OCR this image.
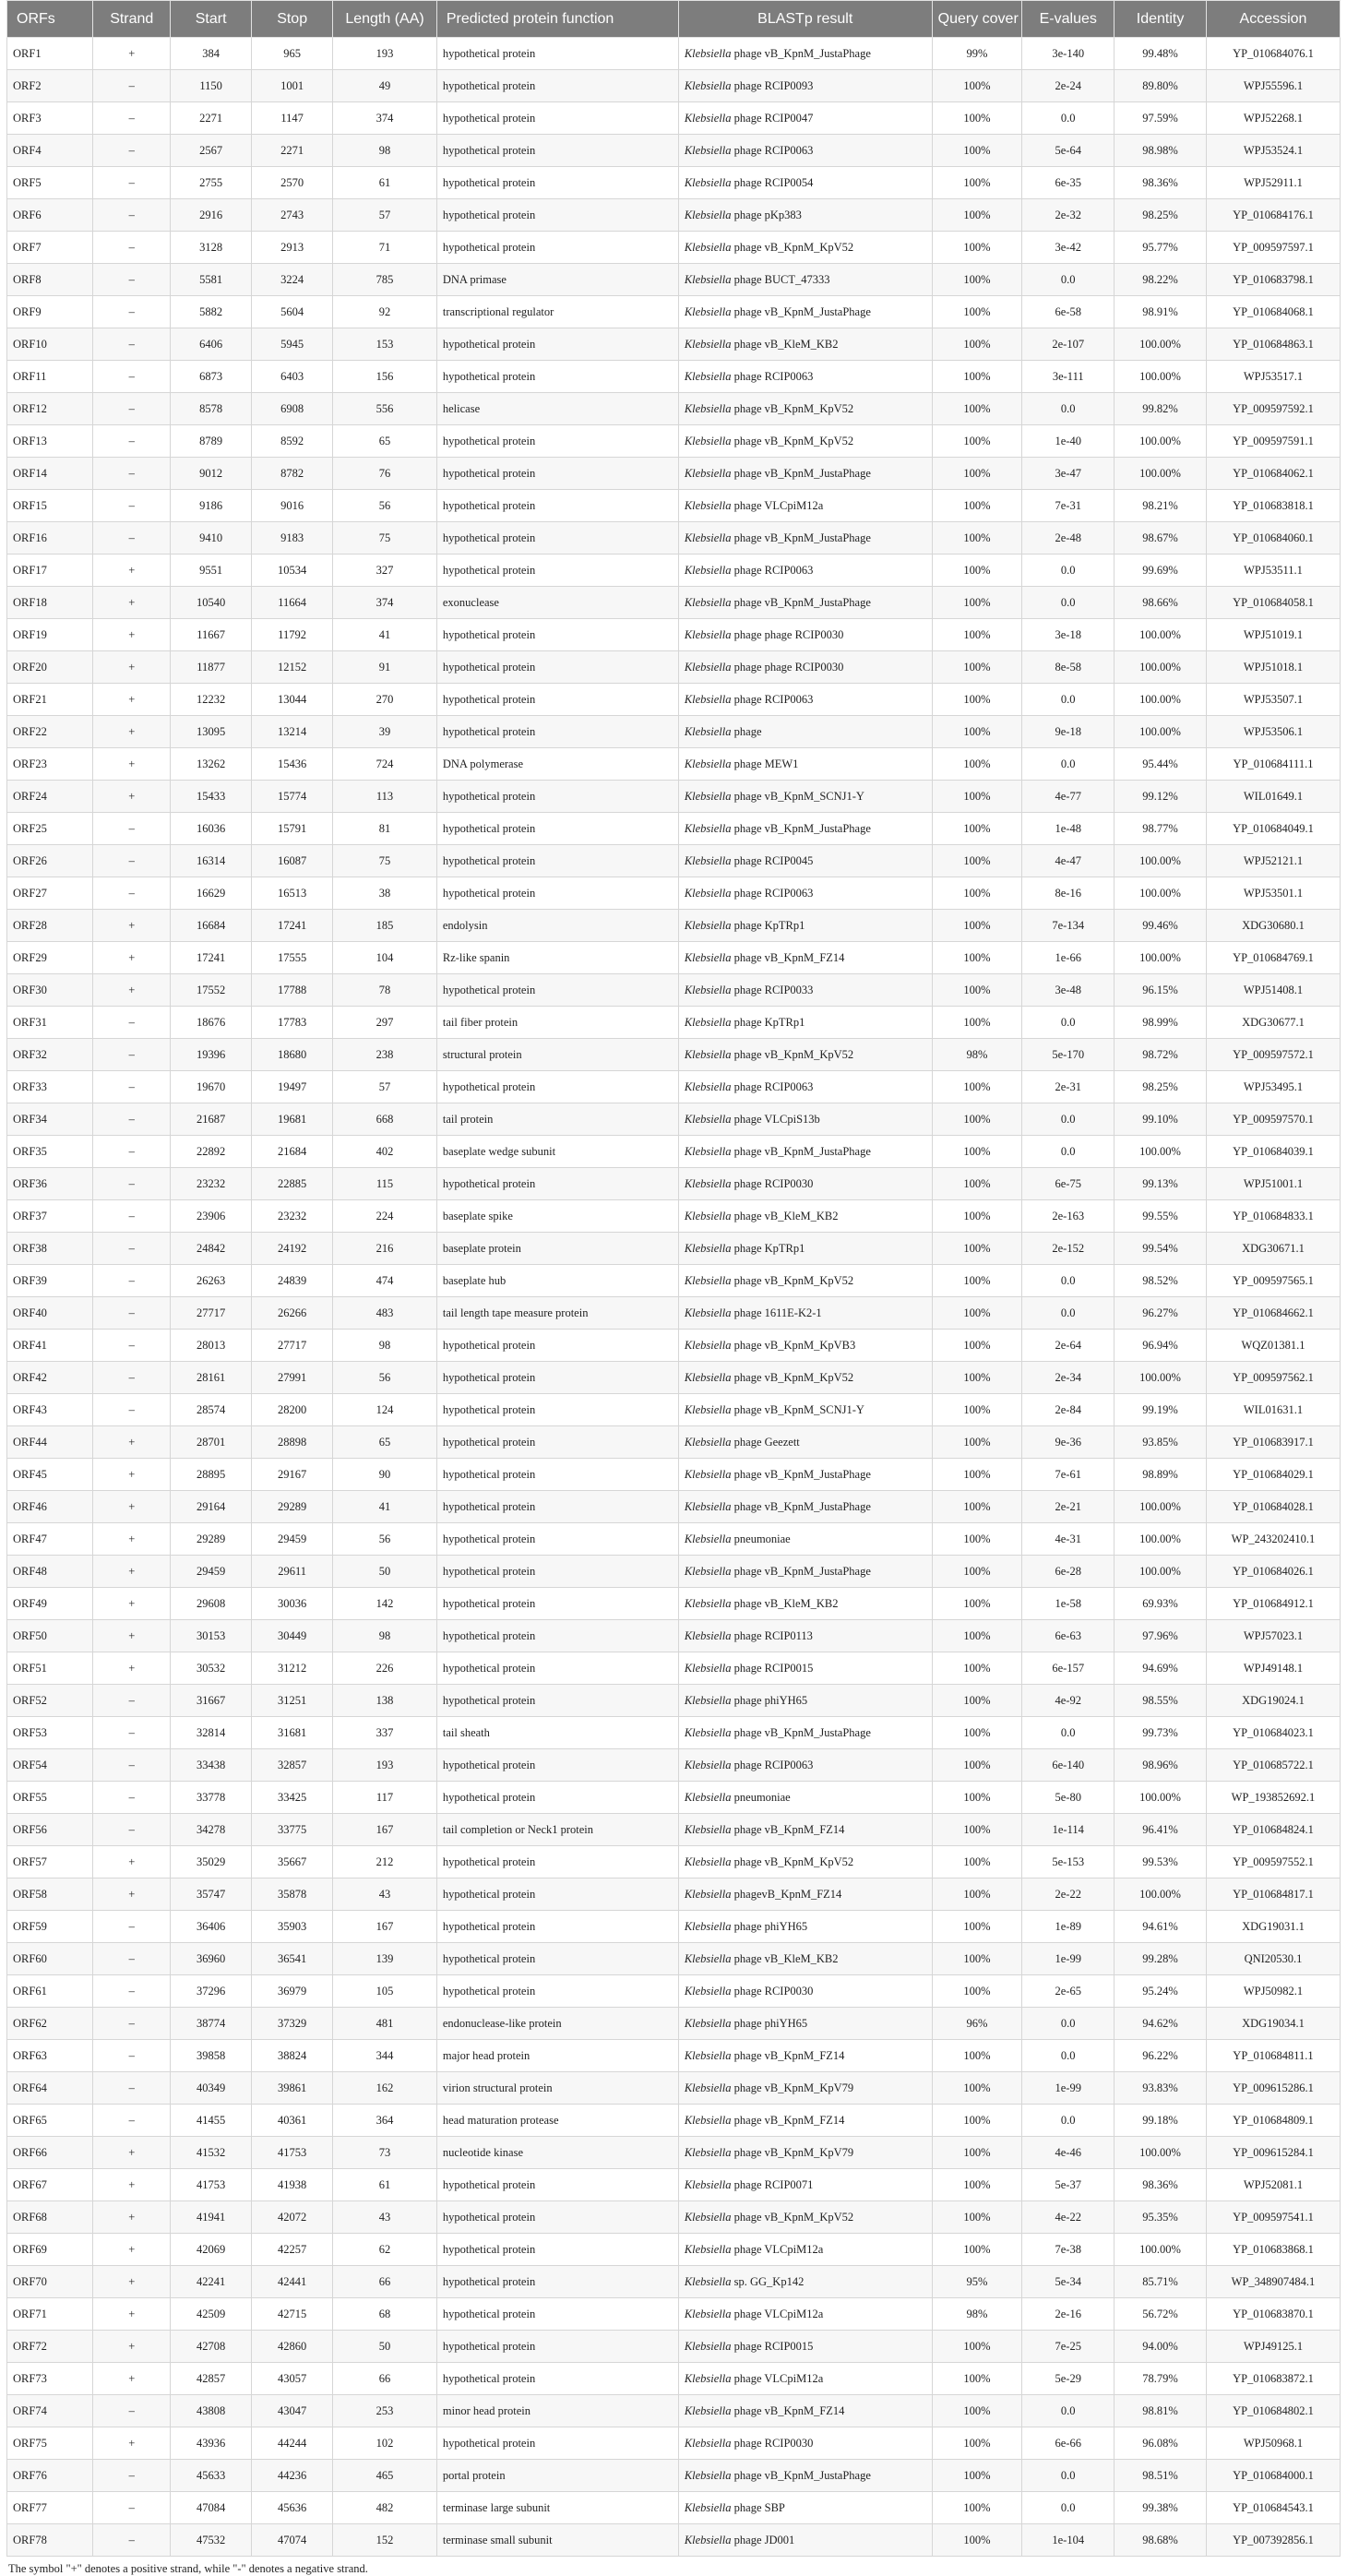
ORFs	Strand	Start	Stop	Length (AA)	Predicted protein function	BLASTp result	Query cover	E-values	Identity	Accession
ORF1	+	384	965	193	hypothetical protein	Klebsiella phage vB_KpnM_JustaPhage	99%	3e-140	99.48%	YP_010684076.1
ORF2	–	1150	1001	49	hypothetical protein	Klebsiella phage RCIP0093	100%	2e-24	89.80%	WPJ55596.1
ORF3	–	2271	1147	374	hypothetical protein	Klebsiella phage RCIP0047	100%	0.0	97.59%	WPJ52268.1
ORF4	–	2567	2271	98	hypothetical protein	Klebsiella phage RCIP0063	100%	5e-64	98.98%	WPJ53524.1
ORF5	–	2755	2570	61	hypothetical protein	Klebsiella phage RCIP0054	100%	6e-35	98.36%	WPJ52911.1
ORF6	–	2916	2743	57	hypothetical protein	Klebsiella phage pKp383	100%	2e-32	98.25%	YP_010684176.1
ORF7	–	3128	2913	71	hypothetical protein	Klebsiella phage vB_KpnM_KpV52	100%	3e-42	95.77%	YP_009597597.1
ORF8	–	5581	3224	785	DNA primase	Klebsiella phage BUCT_47333	100%	0.0	98.22%	YP_010683798.1
ORF9	–	5882	5604	92	transcriptional regulator	Klebsiella phage vB_KpnM_JustaPhage	100%	6e-58	98.91%	YP_010684068.1
ORF10	–	6406	5945	153	hypothetical protein	Klebsiella phage vB_KleM_KB2	100%	2e-107	100.00%	YP_010684863.1
ORF11	–	6873	6403	156	hypothetical protein	Klebsiella phage RCIP0063	100%	3e-111	100.00%	WPJ53517.1
ORF12	–	8578	6908	556	helicase	Klebsiella phage vB_KpnM_KpV52	100%	0.0	99.82%	YP_009597592.1
ORF13	–	8789	8592	65	hypothetical protein	Klebsiella phage vB_KpnM_KpV52	100%	1e-40	100.00%	YP_009597591.1
ORF14	–	9012	8782	76	hypothetical protein	Klebsiella phage vB_KpnM_JustaPhage	100%	3e-47	100.00%	YP_010684062.1
ORF15	–	9186	9016	56	hypothetical protein	Klebsiella phage VLCpiM12a	100%	7e-31	98.21%	YP_010683818.1
ORF16	–	9410	9183	75	hypothetical protein	Klebsiella phage vB_KpnM_JustaPhage	100%	2e-48	98.67%	YP_010684060.1
ORF17	+	9551	10534	327	hypothetical protein	Klebsiella phage RCIP0063	100%	0.0	99.69%	WPJ53511.1
ORF18	+	10540	11664	374	exonuclease	Klebsiella phage vB_KpnM_JustaPhage	100%	0.0	98.66%	YP_010684058.1
ORF19	+	11667	11792	41	hypothetical protein	Klebsiella phage phage RCIP0030	100%	3e-18	100.00%	WPJ51019.1
ORF20	+	11877	12152	91	hypothetical protein	Klebsiella phage phage RCIP0030	100%	8e-58	100.00%	WPJ51018.1
ORF21	+	12232	13044	270	hypothetical protein	Klebsiella phage RCIP0063	100%	0.0	100.00%	WPJ53507.1
ORF22	+	13095	13214	39	hypothetical protein	Klebsiella phage	100%	9e-18	100.00%	WPJ53506.1
ORF23	+	13262	15436	724	DNA polymerase	Klebsiella phage MEW1	100%	0.0	95.44%	YP_010684111.1
ORF24	+	15433	15774	113	hypothetical protein	Klebsiella phage vB_KpnM_SCNJ1-Y	100%	4e-77	99.12%	WIL01649.1
ORF25	–	16036	15791	81	hypothetical protein	Klebsiella phage vB_KpnM_JustaPhage	100%	1e-48	98.77%	YP_010684049.1
ORF26	–	16314	16087	75	hypothetical protein	Klebsiella phage RCIP0045	100%	4e-47	100.00%	WPJ52121.1
ORF27	–	16629	16513	38	hypothetical protein	Klebsiella phage RCIP0063	100%	8e-16	100.00%	WPJ53501.1
ORF28	+	16684	17241	185	endolysin	Klebsiella phage KpTRp1	100%	7e-134	99.46%	XDG30680.1
ORF29	+	17241	17555	104	Rz-like spanin	Klebsiella phage vB_KpnM_FZ14	100%	1e-66	100.00%	YP_010684769.1
ORF30	+	17552	17788	78	hypothetical protein	Klebsiella phage RCIP0033	100%	3e-48	96.15%	WPJ51408.1
ORF31	–	18676	17783	297	tail fiber protein	Klebsiella phage KpTRp1	100%	0.0	98.99%	XDG30677.1
ORF32	–	19396	18680	238	structural protein	Klebsiella phage vB_KpnM_KpV52	98%	5e-170	98.72%	YP_009597572.1
ORF33	–	19670	19497	57	hypothetical protein	Klebsiella phage RCIP0063	100%	2e-31	98.25%	WPJ53495.1
ORF34	–	21687	19681	668	tail protein	Klebsiella phage VLCpiS13b	100%	0.0	99.10%	YP_009597570.1
ORF35	–	22892	21684	402	baseplate wedge subunit	Klebsiella phage vB_KpnM_JustaPhage	100%	0.0	100.00%	YP_010684039.1
ORF36	–	23232	22885	115	hypothetical protein	Klebsiella phage RCIP0030	100%	6e-75	99.13%	WPJ51001.1
ORF37	–	23906	23232	224	baseplate spike	Klebsiella phage vB_KleM_KB2	100%	2e-163	99.55%	YP_010684833.1
ORF38	–	24842	24192	216	baseplate protein	Klebsiella phage KpTRp1	100%	2e-152	99.54%	XDG30671.1
ORF39	–	26263	24839	474	baseplate hub	Klebsiella phage vB_KpnM_KpV52	100%	0.0	98.52%	YP_009597565.1
ORF40	–	27717	26266	483	tail length tape measure protein	Klebsiella phage 1611E-K2-1	100%	0.0	96.27%	YP_010684662.1
ORF41	–	28013	27717	98	hypothetical protein	Klebsiella phage vB_KpnM_KpVB3	100%	2e-64	96.94%	WQZ01381.1
ORF42	–	28161	27991	56	hypothetical protein	Klebsiella phage vB_KpnM_KpV52	100%	2e-34	100.00%	YP_009597562.1
ORF43	–	28574	28200	124	hypothetical protein	Klebsiella phage vB_KpnM_SCNJ1-Y	100%	2e-84	99.19%	WIL01631.1
ORF44	+	28701	28898	65	hypothetical protein	Klebsiella phage Geezett	100%	9e-36	93.85%	YP_010683917.1
ORF45	+	28895	29167	90	hypothetical protein	Klebsiella phage vB_KpnM_JustaPhage	100%	7e-61	98.89%	YP_010684029.1
ORF46	+	29164	29289	41	hypothetical protein	Klebsiella phage vB_KpnM_JustaPhage	100%	2e-21	100.00%	YP_010684028.1
ORF47	+	29289	29459	56	hypothetical protein	Klebsiella pneumoniae	100%	4e-31	100.00%	WP_243202410.1
ORF48	+	29459	29611	50	hypothetical protein	Klebsiella phage vB_KpnM_JustaPhage	100%	6e-28	100.00%	YP_010684026.1
ORF49	+	29608	30036	142	hypothetical protein	Klebsiella phage vB_KleM_KB2	100%	1e-58	69.93%	YP_010684912.1
ORF50	+	30153	30449	98	hypothetical protein	Klebsiella phage RCIP0113	100%	6e-63	97.96%	WPJ57023.1
ORF51	+	30532	31212	226	hypothetical protein	Klebsiella phage RCIP0015	100%	6e-157	94.69%	WPJ49148.1
ORF52	–	31667	31251	138	hypothetical protein	Klebsiella phage phiYH65	100%	4e-92	98.55%	XDG19024.1
ORF53	–	32814	31681	337	tail sheath	Klebsiella phage vB_KpnM_JustaPhage	100%	0.0	99.73%	YP_010684023.1
ORF54	–	33438	32857	193	hypothetical protein	Klebsiella phage RCIP0063	100%	6e-140	98.96%	YP_010685722.1
ORF55	–	33778	33425	117	hypothetical protein	Klebsiella pneumoniae	100%	5e-80	100.00%	WP_193852692.1
ORF56	–	34278	33775	167	tail completion or Neck1 protein	Klebsiella phage vB_KpnM_FZ14	100%	1e-114	96.41%	YP_010684824.1
ORF57	+	35029	35667	212	hypothetical protein	Klebsiella phage vB_KpnM_KpV52	100%	5e-153	99.53%	YP_009597552.1
ORF58	+	35747	35878	43	hypothetical protein	Klebsiella phagevB_KpnM_FZ14	100%	2e-22	100.00%	YP_010684817.1
ORF59	–	36406	35903	167	hypothetical protein	Klebsiella phage phiYH65	100%	1e-89	94.61%	XDG19031.1
ORF60	–	36960	36541	139	hypothetical protein	Klebsiella phage vB_KleM_KB2	100%	1e-99	99.28%	QNI20530.1
ORF61	–	37296	36979	105	hypothetical protein	Klebsiella phage RCIP0030	100%	2e-65	95.24%	WPJ50982.1
ORF62	–	38774	37329	481	endonuclease-like protein	Klebsiella phage phiYH65	96%	0.0	94.62%	XDG19034.1
ORF63	–	39858	38824	344	major head protein	Klebsiella phage vB_KpnM_FZ14	100%	0.0	96.22%	YP_010684811.1
ORF64	–	40349	39861	162	virion structural protein	Klebsiella phage vB_KpnM_KpV79	100%	1e-99	93.83%	YP_009615286.1
ORF65	–	41455	40361	364	head maturation protease	Klebsiella phage vB_KpnM_FZ14	100%	0.0	99.18%	YP_010684809.1
ORF66	+	41532	41753	73	nucleotide kinase	Klebsiella phage vB_KpnM_KpV79	100%	4e-46	100.00%	YP_009615284.1
ORF67	+	41753	41938	61	hypothetical protein	Klebsiella phage RCIP0071	100%	5e-37	98.36%	WPJ52081.1
ORF68	+	41941	42072	43	hypothetical protein	Klebsiella phage vB_KpnM_KpV52	100%	4e-22	95.35%	YP_009597541.1
ORF69	+	42069	42257	62	hypothetical protein	Klebsiella phage VLCpiM12a	100%	7e-38	100.00%	YP_010683868.1
ORF70	+	42241	42441	66	hypothetical protein	Klebsiella sp. GG_Kp142	95%	5e-34	85.71%	WP_348907484.1
ORF71	+	42509	42715	68	hypothetical protein	Klebsiella phage VLCpiM12a	98%	2e-16	56.72%	YP_010683870.1
ORF72	+	42708	42860	50	hypothetical protein	Klebsiella phage RCIP0015	100%	7e-25	94.00%	WPJ49125.1
ORF73	+	42857	43057	66	hypothetical protein	Klebsiella phage VLCpiM12a	100%	5e-29	78.79%	YP_010683872.1
ORF74	–	43808	43047	253	minor head protein	Klebsiella phage vB_KpnM_FZ14	100%	0.0	98.81%	YP_010684802.1
ORF75	+	43936	44244	102	hypothetical protein	Klebsiella phage RCIP0030	100%	6e-66	96.08%	WPJ50968.1
ORF76	–	45633	44236	465	portal protein	Klebsiella phage vB_KpnM_JustaPhage	100%	0.0	98.51%	YP_010684000.1
ORF77	–	47084	45636	482	terminase large subunit	Klebsiella phage SBP	100%	0.0	99.38%	YP_010684543.1
ORF78	–	47532	47074	152	terminase small subunit	Klebsiella phage JD001	100%	1e-104	98.68%	YP_007392856.1
The symbol "+" denotes a positive strand, while "-" denotes a negative strand.
